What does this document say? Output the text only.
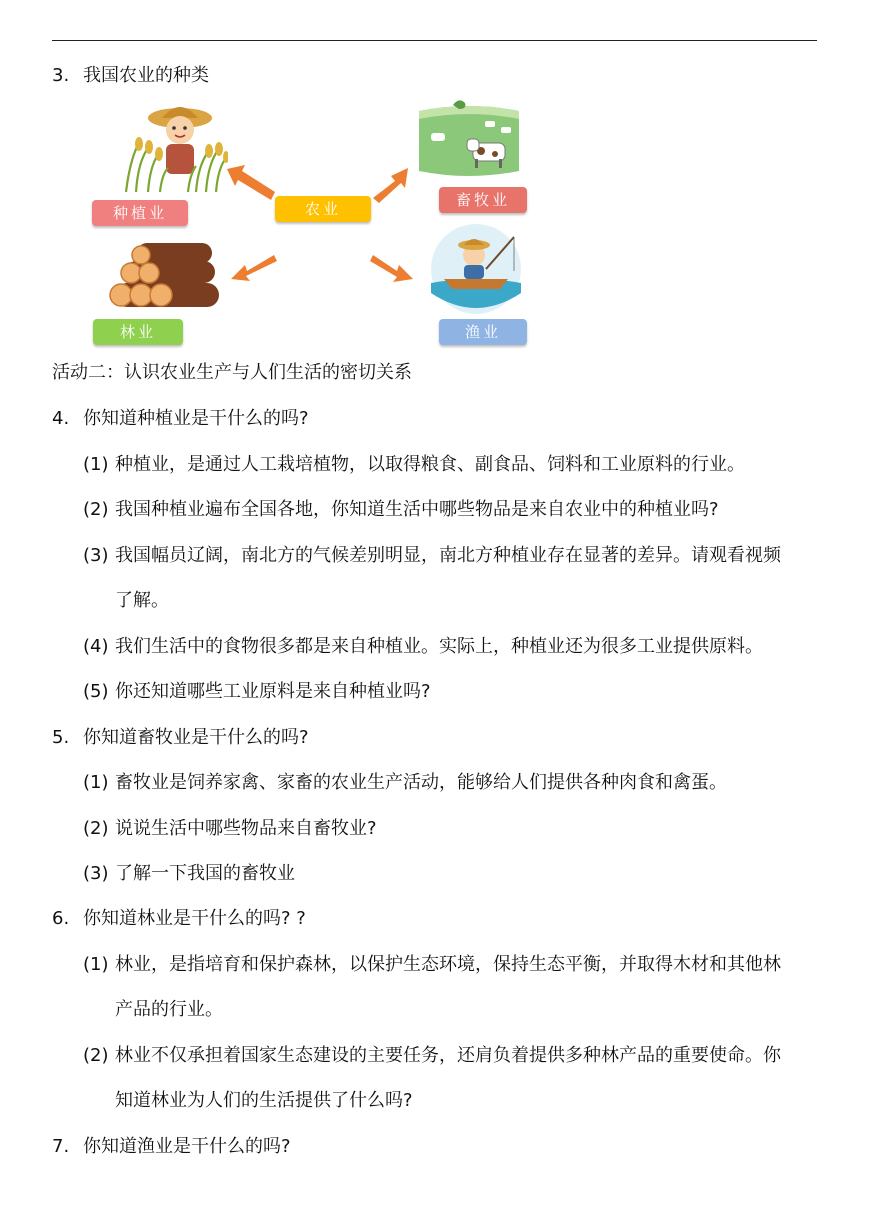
3. 我国农业的种类
农业
种植业
畜牧业
林业	渔业
活动二：认识农业生产与人们生活的密切关系
4. 你知道种植业是干什么的吗?
(1) 种植业，是通过人工栽培植物，以取得粮食、副食品、饲料和工业原料的行业。
(2) 我国种植业遍布全国各地，你知道生活中哪些物品是来自农业中的种植业吗?
(3) 我国幅员辽阔，南北方的气候差别明显，南北方种植业存在显著的差异。请观看视频
了解。
(4) 我们生活中的食物很多都是来自种植业。实际上，种植业还为很多工业提供原料。
(5) 你还知道哪些工业原料是来自种植业吗?
5. 你知道畜牧业是干什么的吗?
(1) 畜牧业是饲养家禽、家畜的农业生产活动，能够给人们提供各种肉食和禽蛋。
(2) 说说生活中哪些物品来自畜牧业?
(3) 了解一下我国的畜牧业
6. 你知道林业是干什么的吗? ?
(1) 林业，是指培育和保护森林，以保护生态环境，保持生态平衡，并取得木材和其他林
产品的行业。
(2) 林业不仅承担着国家生态建设的主要任务，还肩负着提供多种林产品的重要使命。你
知道林业为人们的生活提供了什么吗?
7. 你知道渔业是干什么的吗?
